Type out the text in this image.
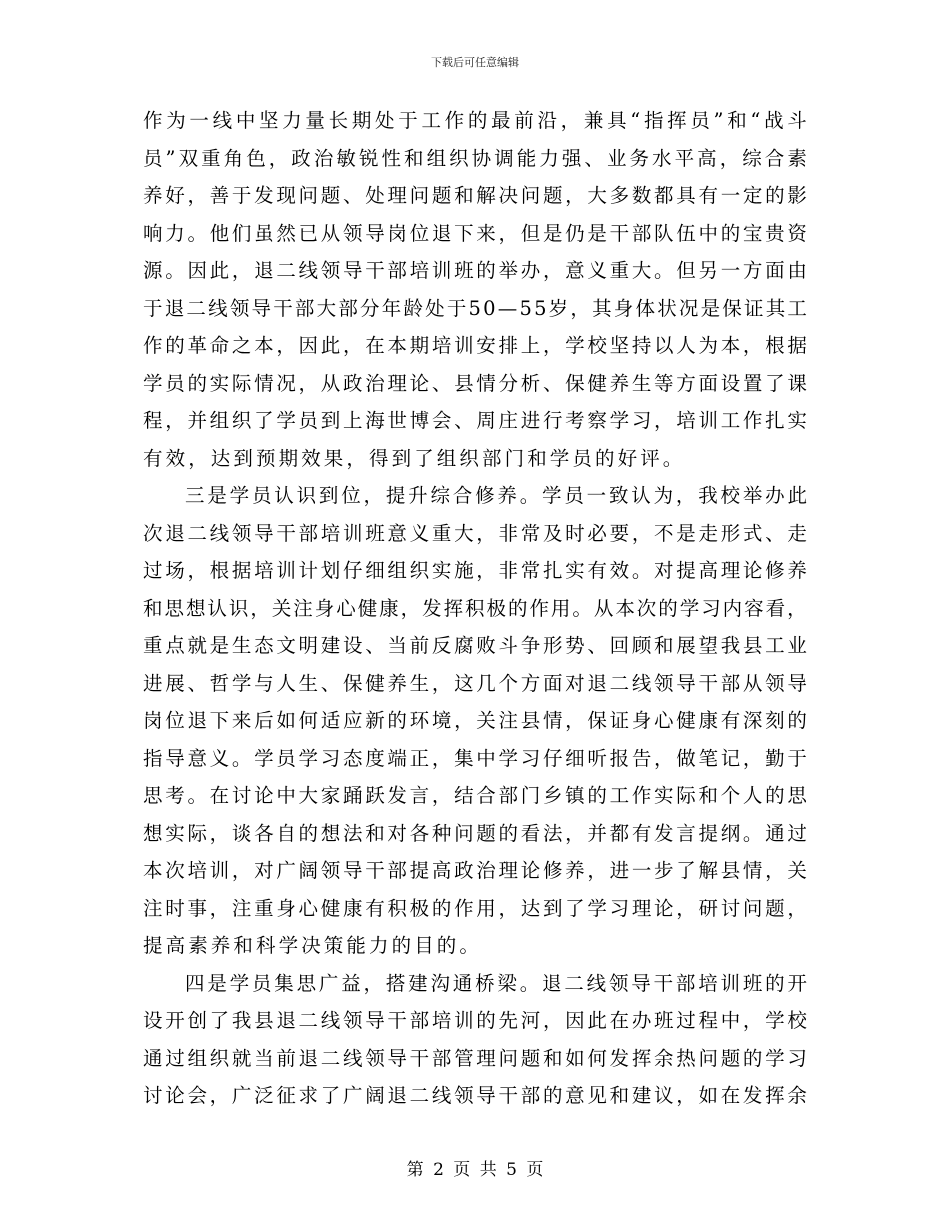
下载后可任意编辑
作 为 一 线 中 坚 力 量 长 期 处 于 工 作 的 最 前 沿 ， 兼 具 “ 指 挥 员 ” 和 “ 战 斗
员 ” 双 重 角 色 ， 政 治 敏 锐 性 和 组 织 协 调 能 力 强 、 业 务 水 平 高 ， 综 合 素
养 好 ， 善 于 发 现 问 题 、 处 理 问 题 和 解 决 问 题 ， 大 多 数 都 具 有 一 定 的 影
响 力 。 他 们 虽 然 已 从 领 导 岗 位 退 下 来 ， 但 是 仍 是 干 部 队 伍 中 的 宝 贵 资
源 。 因 此 ， 退 二 线 领 导 干 部 培 训 班 的 举 办 ， 意 义 重 大 。 但 另 一 方 面 由
于 退 二 线 领 导 干 部 大 部 分 年 龄 处 于 5 0 — 5 5 岁 ， 其 身 体 状 况 是 保 证 其 工
作 的 革 命 之 本 ， 因 此 ， 在 本 期 培 训 安 排 上 ， 学 校 坚 持 以 人 为 本 ， 根 据
学 员 的 实 际 情 况 ， 从 政 治 理 论 、 县 情 分 析 、 保 健 养 生 等 方 面 设 置 了 课
程 ， 并 组 织 了 学 员 到 上 海 世 博 会 、 周 庄 进 行 考 察 学 习 ， 培 训 工 作 扎 实
有效，达到预期效果，得到了组织部门和学员的好评。
三 是 学 员 认 识 到 位 ， 提 升 综 合 修 养 。 学 员 一 致 认 为 ， 我 校 举 办 此
次 退 二 线 领 导 干 部 培 训 班 意 义 重 大 ， 非 常 及 时 必 要 ， 不 是 走 形 式 、 走
过 场 ， 根 据 培 训 计 划 仔 细 组 织 实 施 ， 非 常 扎 实 有 效 。 对 提 高 理 论 修 养
和 思 想 认 识 ， 关 注 身 心 健 康 ， 发 挥 积 极 的 作 用 。 从 本 次 的 学 习 内 容 看 ，
重 点 就 是 生 态 文 明 建 设 、 当 前 反 腐 败 斗 争 形 势 、 回 顾 和 展 望 我 县 工 业
进 展 、 哲 学 与 人 生 、 保 健 养 生 ， 这 几 个 方 面 对 退 二 线 领 导 干 部 从 领 导
岗 位 退 下 来 后 如 何 适 应 新 的 环 境 ， 关 注 县 情 ， 保 证 身 心 健 康 有 深 刻 的
指 导 意 义 。 学 员 学 习 态 度 端 正 ， 集 中 学 习 仔 细 听 报 告 ， 做 笔 记 ， 勤 于
思 考 。 在 讨 论 中 大 家 踊 跃 发 言 ， 结 合 部 门 乡 镇 的 工 作 实 际 和 个 人 的 思
想 实 际 ， 谈 各 自 的 想 法 和 对 各 种 问 题 的 看 法 ， 并 都 有 发 言 提 纲 。 通 过
本 次 培 训 ， 对 广 阔 领 导 干 部 提 高 政 治 理 论 修 养 ， 进 一 步 了 解 县 情 ， 关
注 时 事 ， 注 重 身 心 健 康 有 积 极 的 作 用 ， 达 到 了 学 习 理 论 ， 研 讨 问 题 ，
提高素养和科学决策能力的目的。
四 是 学 员 集 思 广 益 ， 搭 建 沟 通 桥 梁 。 退 二 线 领 导 干 部 培 训 班 的 开
设 开 创 了 我 县 退 二 线 领 导 干 部 培 训 的 先 河 ， 因 此 在 办 班 过 程 中 ， 学 校
通 过 组 织 就 当 前 退 二 线 领 导 干 部 管 理 问 题 和 如 何 发 挥 余 热 问 题 的 学 习
讨 论 会 ， 广 泛 征 求 了 广 阔 退 二 线 领 导 干 部 的 意 见 和 建 议 ， 如 在 发 挥 余
第 2 页 共 5 页
